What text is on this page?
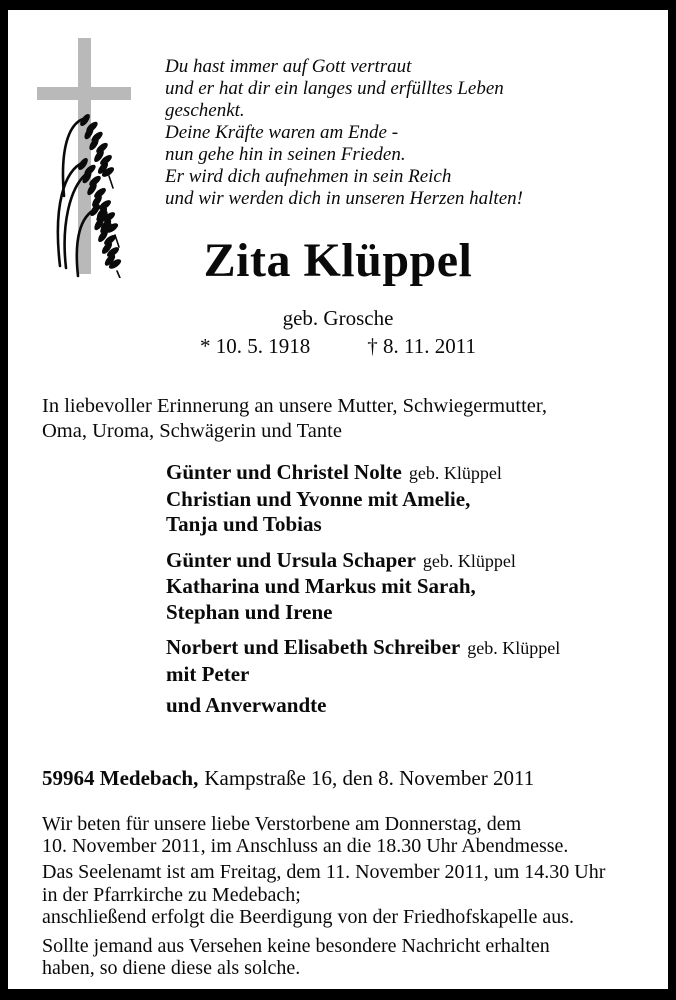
Du hast immer auf Gott vertraut
und er hat dir ein langes und erfülltes Leben
geschenkt.
Deine Kräfte waren am Ende -
nun gehe hin in seinen Frieden.
Er wird dich aufnehmen in sein Reich
und wir werden dich in unseren Herzen halten!
Zita Klüppel
geb. Grosche
* 10. 5. 1918	† 8. 11. 2011
In liebevoller Erinnerung an unsere Mutter, Schwiegermutter,
Oma, Uroma, Schwägerin und Tante
Günter und Christel Nolte geb. Klüppel
Christian und Yvonne mit Amelie,
Tanja und Tobias
Günter und Ursula Schaper geb. Klüppel
Katharina und Markus mit Sarah,
Stephan und Irene
Norbert und Elisabeth Schreiber geb. Klüppel
mit Peter
und Anverwandte
59964 Medebach, Kampstraße 16, den 8. November 2011
Wir beten für unsere liebe Verstorbene am Donnerstag, dem
10. November 2011, im Anschluss an die 18.30 Uhr Abendmesse.
Das Seelenamt ist am Freitag, dem 11. November 2011, um 14.30 Uhr
in der Pfarrkirche zu Medebach;
anschließend erfolgt die Beerdigung von der Friedhofskapelle aus.
Sollte jemand aus Versehen keine besondere Nachricht erhalten
haben, so diene diese als solche.
